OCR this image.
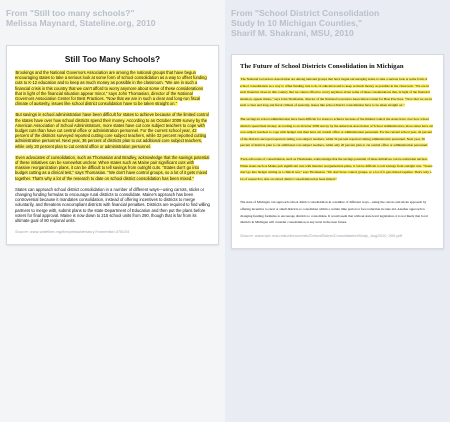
From "Still too many schools?"
Melissa Maynard, Stateline.org, 2010
Still Too Many Schools?

Brookings and the National Governors Association are among the national groups that have begun encouraging states to take a serious look at some form of school consolidation as a way to offset funding cuts to K-12 education and to keep as much money as possible in the classroom. "We are in such a financial crisis in this country that we can't afford to worry anymore about some of these considerations that in light of the financial situation appear minor," says John Thomasian, director of the National Governors Association Center for Best Practices. "Now that we are in such a clear and long-run fiscal climate of austerity, issues like school district consolidation have to be taken straight on."

But savings in school administration have been difficult for states to achieve because of the limited control the states have over how school districts spend their money. According to an October 2009 survey by the American Association of School Administrators, more states have cut core subject teachers to cope with budget cuts than have cut central office or administration personnel. For the current school year, 42 percent of the districts surveyed reported cutting core subject teachers, while 32 percent reported cutting administrative personnel. Next year, 36 percent of districts plan to cut additional core subject teachers, while only 20 percent plan to cut central office or administration personnel.

Even advocates of consolidation, such as Thomasian and Bradley, acknowledge that the savings potential of these initiatives can be somewhat unclear. When states such as Maine pair significant cuts with massive reorganization plans, it can be difficult to tell savings from outright cuts. "States don't go into budget cutting as a clinical test," says Thomasian. "We don't have control groups, so a lot of it gets mixed together. That's why a lot of the research to date on school district consolidation has been mixed."

States can approach school district consolidation in a number of different ways—using carrots, sticks or changing funding formulas to encourage rural districts to consolidate. Maine's approach has been controversial because it mandates consolidation, instead of offering incentives to districts to merge voluntarily, and threatens noncompliant districts with financial penalties. Districts are required to find willing partners to merge with, submit plans to the state Department of Education and then put the plans before voters for final approval. Maine is now down to 215 school units from 290, though that is far from its ultimate goal of 80 regional units.

Source: www.stateline.org/live/printable/story?contentId=475034
From "School District Consolidation
Study In 10 Michigan Counties,"
Sharif M. Shakrani, MSU, 2010
The Future of School Districts Consolidation in Michigan

The National Governors Association are among national groups that have begun encouraging states to take a serious look at some form of school consolidation as a way to offset funding cuts to K-12 education and to keep as much money as possible in the classroom. "We are in such financial crises in this country that we cannot afford to worry anymore about some of these considerations that, in light of the financial situation, appear minor," says John Thomasian, director of the National Governors Association Center for Best Practices. "Now that we are in such a clear and long-run fiscal climate of austerity, issues like school district consolidation have to be taken straight on."

But savings in school administration have been difficult for states to achieve because of the limited control the states have over how school districts spend their money. According to an October 2009 survey by the American Association of School Administrators, more states have cut core subject teachers to cope with budget cuts than have cut central office or administration personnel. For the current school year, 42 percent of the districts surveyed reported cutting core subject teachers, while 32 percent reported cutting administrative personnel. Next year, 36 percent of districts plan to cut additional core subject teachers, while only 20 percent plan to cut central office or administration personnel.

Even advocates of consolidation, such as Thomasian, acknowledge that the savings potential of these initiatives can be somewhat unclear. When states such as Maine pair significant cuts with massive reorganization plans, it can be difficult to tell savings from outright cuts. "States don't go into budget cutting as a clinical test," says Thomasian. "We don't have control groups, so a lot of it gets mixed together. That's why a lot of research to date on school district consolidation has been mixed."

The state of Michigan can approach school district consolidation in a number of different ways—using the carrots and sticks approach by offering incentive to rural or small districts to consolidate within a certain time period or face reduction in state aid. Another approach is changing funding formulas to encourage districts to consolidate. It would seem that without state level legislation, it is not likely that local districts in Michigan will consider consolidation at any level in the near future.

Source: www.epc.msu.edu/documents/SchoolDistrictConsolidationStudy_Aug2010_000.pdf
